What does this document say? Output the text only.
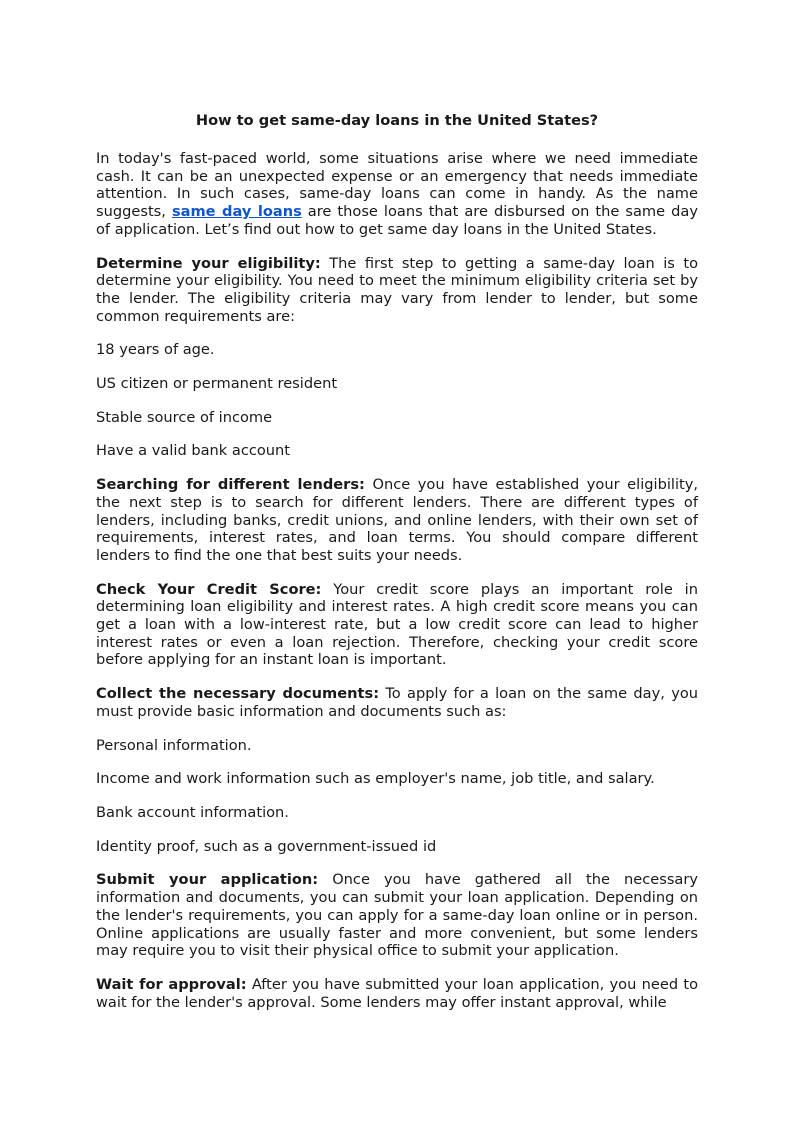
How to get same-day loans in the United States?

In today's fast-paced world, some situations arise where we need immediate cash. It can be an unexpected expense or an emergency that needs immediate attention. In such cases, same-day loans can come in handy. As the name suggests, same day loans are those loans that are disbursed on the same day of application. Let’s find out how to get same day loans in the United States.

Determine your eligibility: The first step to getting a same-day loan is to determine your eligibility. You need to meet the minimum eligibility criteria set by the lender. The eligibility criteria may vary from lender to lender, but some common requirements are:

18 years of age.

US citizen or permanent resident

Stable source of income

Have a valid bank account

Searching for different lenders: Once you have established your eligibility, the next step is to search for different lenders. There are different types of lenders, including banks, credit unions, and online lenders, with their own set of requirements, interest rates, and loan terms. You should compare different lenders to find the one that best suits your needs.

Check Your Credit Score: Your credit score plays an important role in determining loan eligibility and interest rates. A high credit score means you can get a loan with a low-interest rate, but a low credit score can lead to higher interest rates or even a loan rejection. Therefore, checking your credit score before applying for an instant loan is important.

Collect the necessary documents: To apply for a loan on the same day, you must provide basic information and documents such as:

Personal information.

Income and work information such as employer's name, job title, and salary.

Bank account information.

Identity proof, such as a government-issued id

Submit your application: Once you have gathered all the necessary information and documents, you can submit your loan application. Depending on the lender's requirements, you can apply for a same-day loan online or in person. Online applications are usually faster and more convenient, but some lenders may require you to visit their physical office to submit your application.

Wait for approval: After you have submitted your loan application, you need to wait for the lender's approval. Some lenders may offer instant approval, while
